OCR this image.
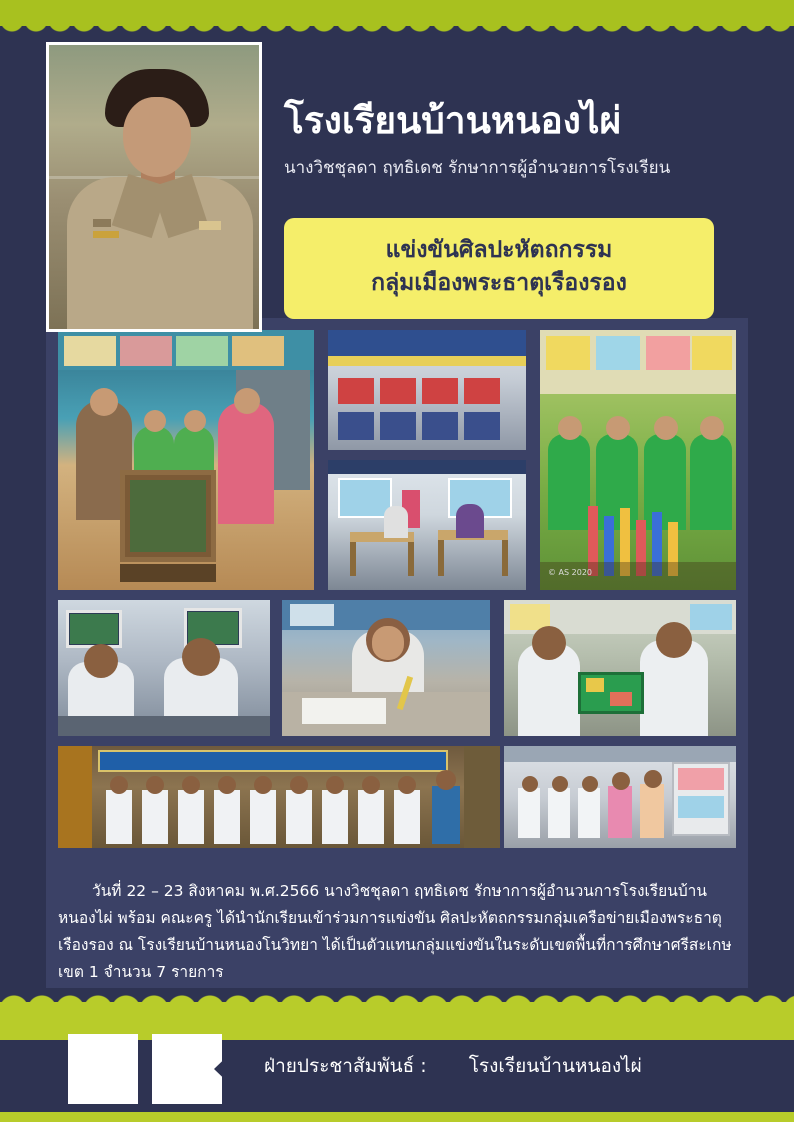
โรงเรียนบ้านหนองไผ่
นางวิชชุลดา ฤทธิเดช รักษาการผู้อำนวยการโรงเรียน
แข่งขันศิลปะหัตถกรรม
กลุ่มเมืองพระธาตุเรืองรอง
© AS 2020

วันที่ 22 – 23 สิงหาคม พ.ศ.2566 นางวิชชุลดา ฤทธิเดช รักษาการผู้อำนวนการโรงเรียนบ้านหนองไผ่ พร้อม คณะครู ได้นำนักเรียนเข้าร่วมการแข่งขัน ศิลปะหัตถกรรมกลุ่มเครือข่ายเมืองพระธาตุเรืองรอง ณ โรงเรียนบ้านหนองโนวิทยา ได้เป็นตัวแทนกลุ่มแข่งขันในระดับเขตพื้นที่การศึกษาศรีสะเกษเขต 1 จำนวน 7 รายการ

ฝ่ายประชาสัมพันธ์ : โรงเรียนบ้านหนองไผ่
